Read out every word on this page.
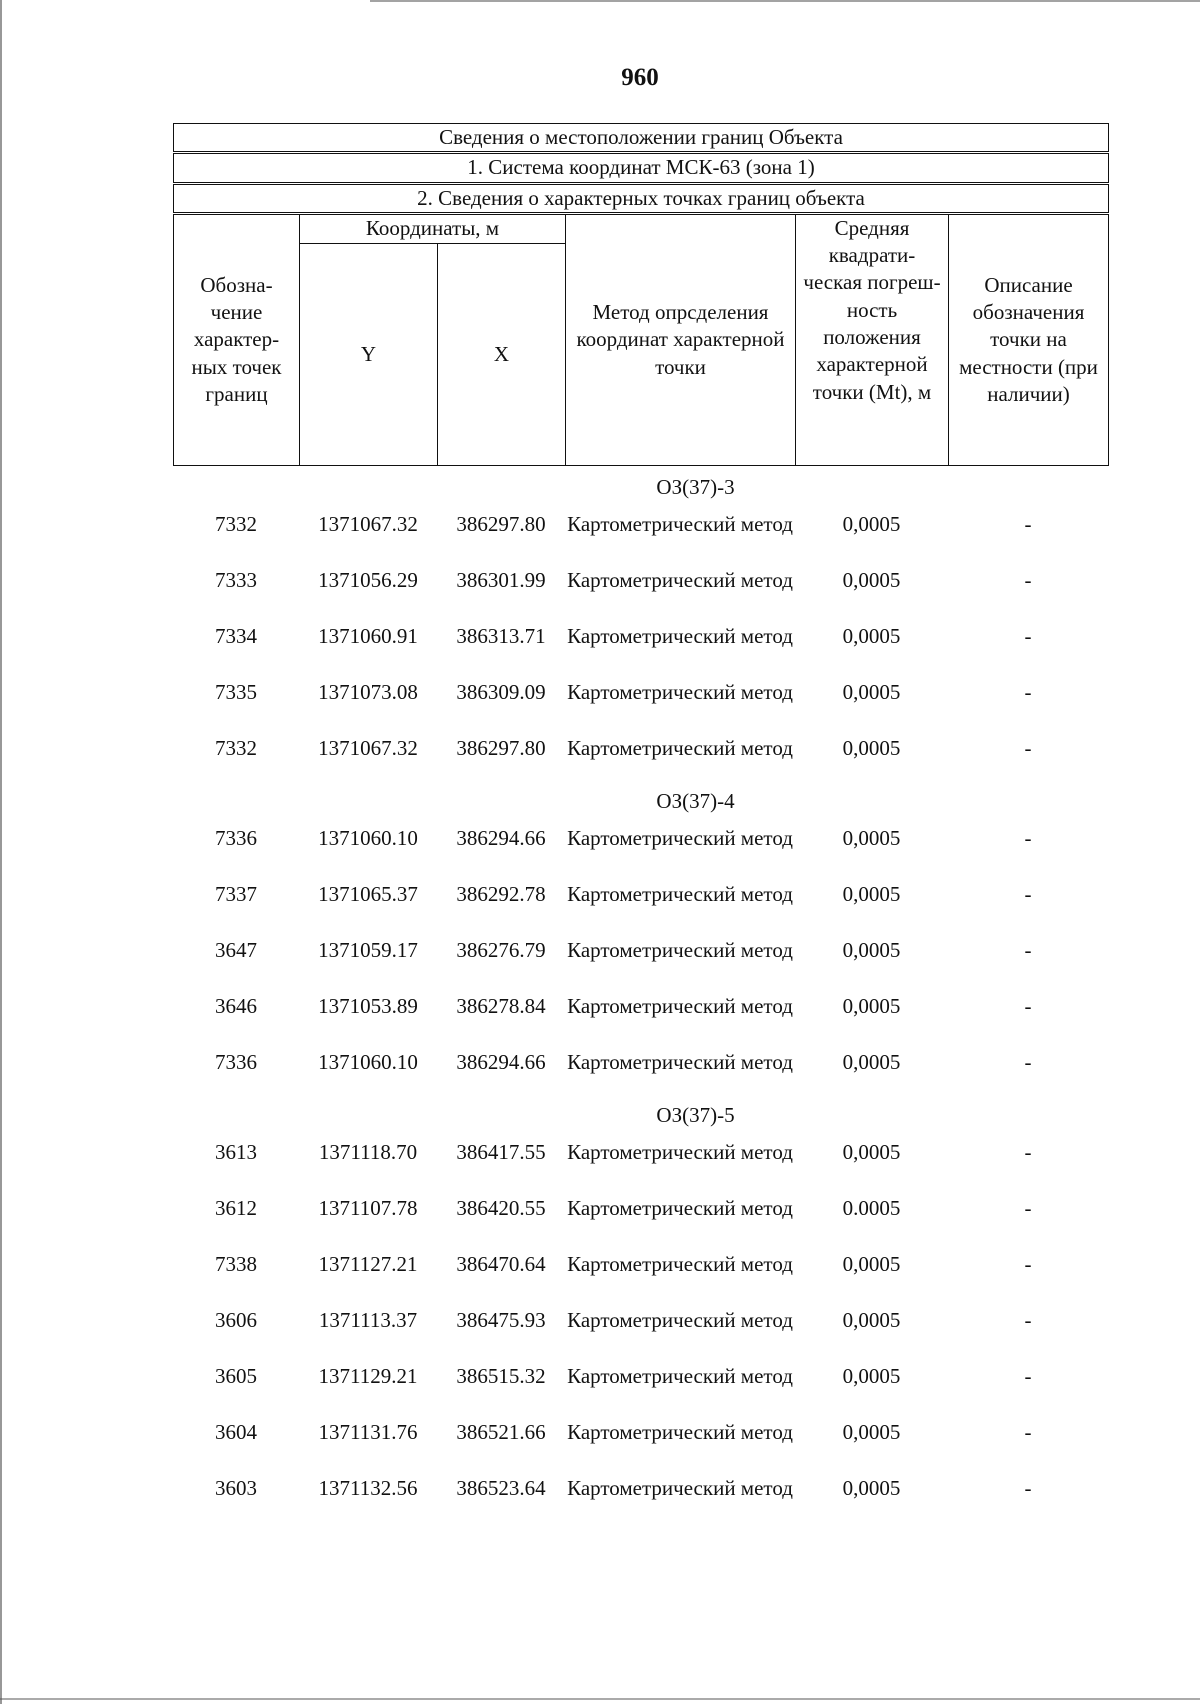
960
Сведения о местоположении границ Объекта					
1. Система координат МСК-63 (зона 1)					
2. Сведения о характерных точках границ объекта					
Обозна-чение характер-ных точек границ	Координаты, м		Метод опрсделения координат характерной точки	Средняя квадрати-ческая погреш-ность положения характерной точки (Mt), м	Описание обозначения точки на местности (при наличии)
	Y	X			
ОЗ(37)-3
7332	1371067.32	386297.80	Картометрический метод	0,0005	-
7333	1371056.29	386301.99	Картометрический метод	0,0005	-
7334	1371060.91	386313.71	Картометрический метод	0,0005	-
7335	1371073.08	386309.09	Картометрический метод	0,0005	-
7332	1371067.32	386297.80	Картометрический метод	0,0005	-
ОЗ(37)-4
7336	1371060.10	386294.66	Картометрический метод	0,0005	-
7337	1371065.37	386292.78	Картометрический метод	0,0005	-
3647	1371059.17	386276.79	Картометрический метод	0,0005	-
3646	1371053.89	386278.84	Картометрический метод	0,0005	-
7336	1371060.10	386294.66	Картометрический метод	0,0005	-
ОЗ(37)-5
3613	1371118.70	386417.55	Картометрический метод	0,0005	-
3612	1371107.78	386420.55	Картометрический метод	0.0005	-
7338	1371127.21	386470.64	Картометрический метод	0,0005	-
3606	1371113.37	386475.93	Картометрический метод	0,0005	-
3605	1371129.21	386515.32	Картометрический метод	0,0005	-
3604	1371131.76	386521.66	Картометрический метод	0,0005	-
3603	1371132.56	386523.64	Картометрический метод	0,0005	-
